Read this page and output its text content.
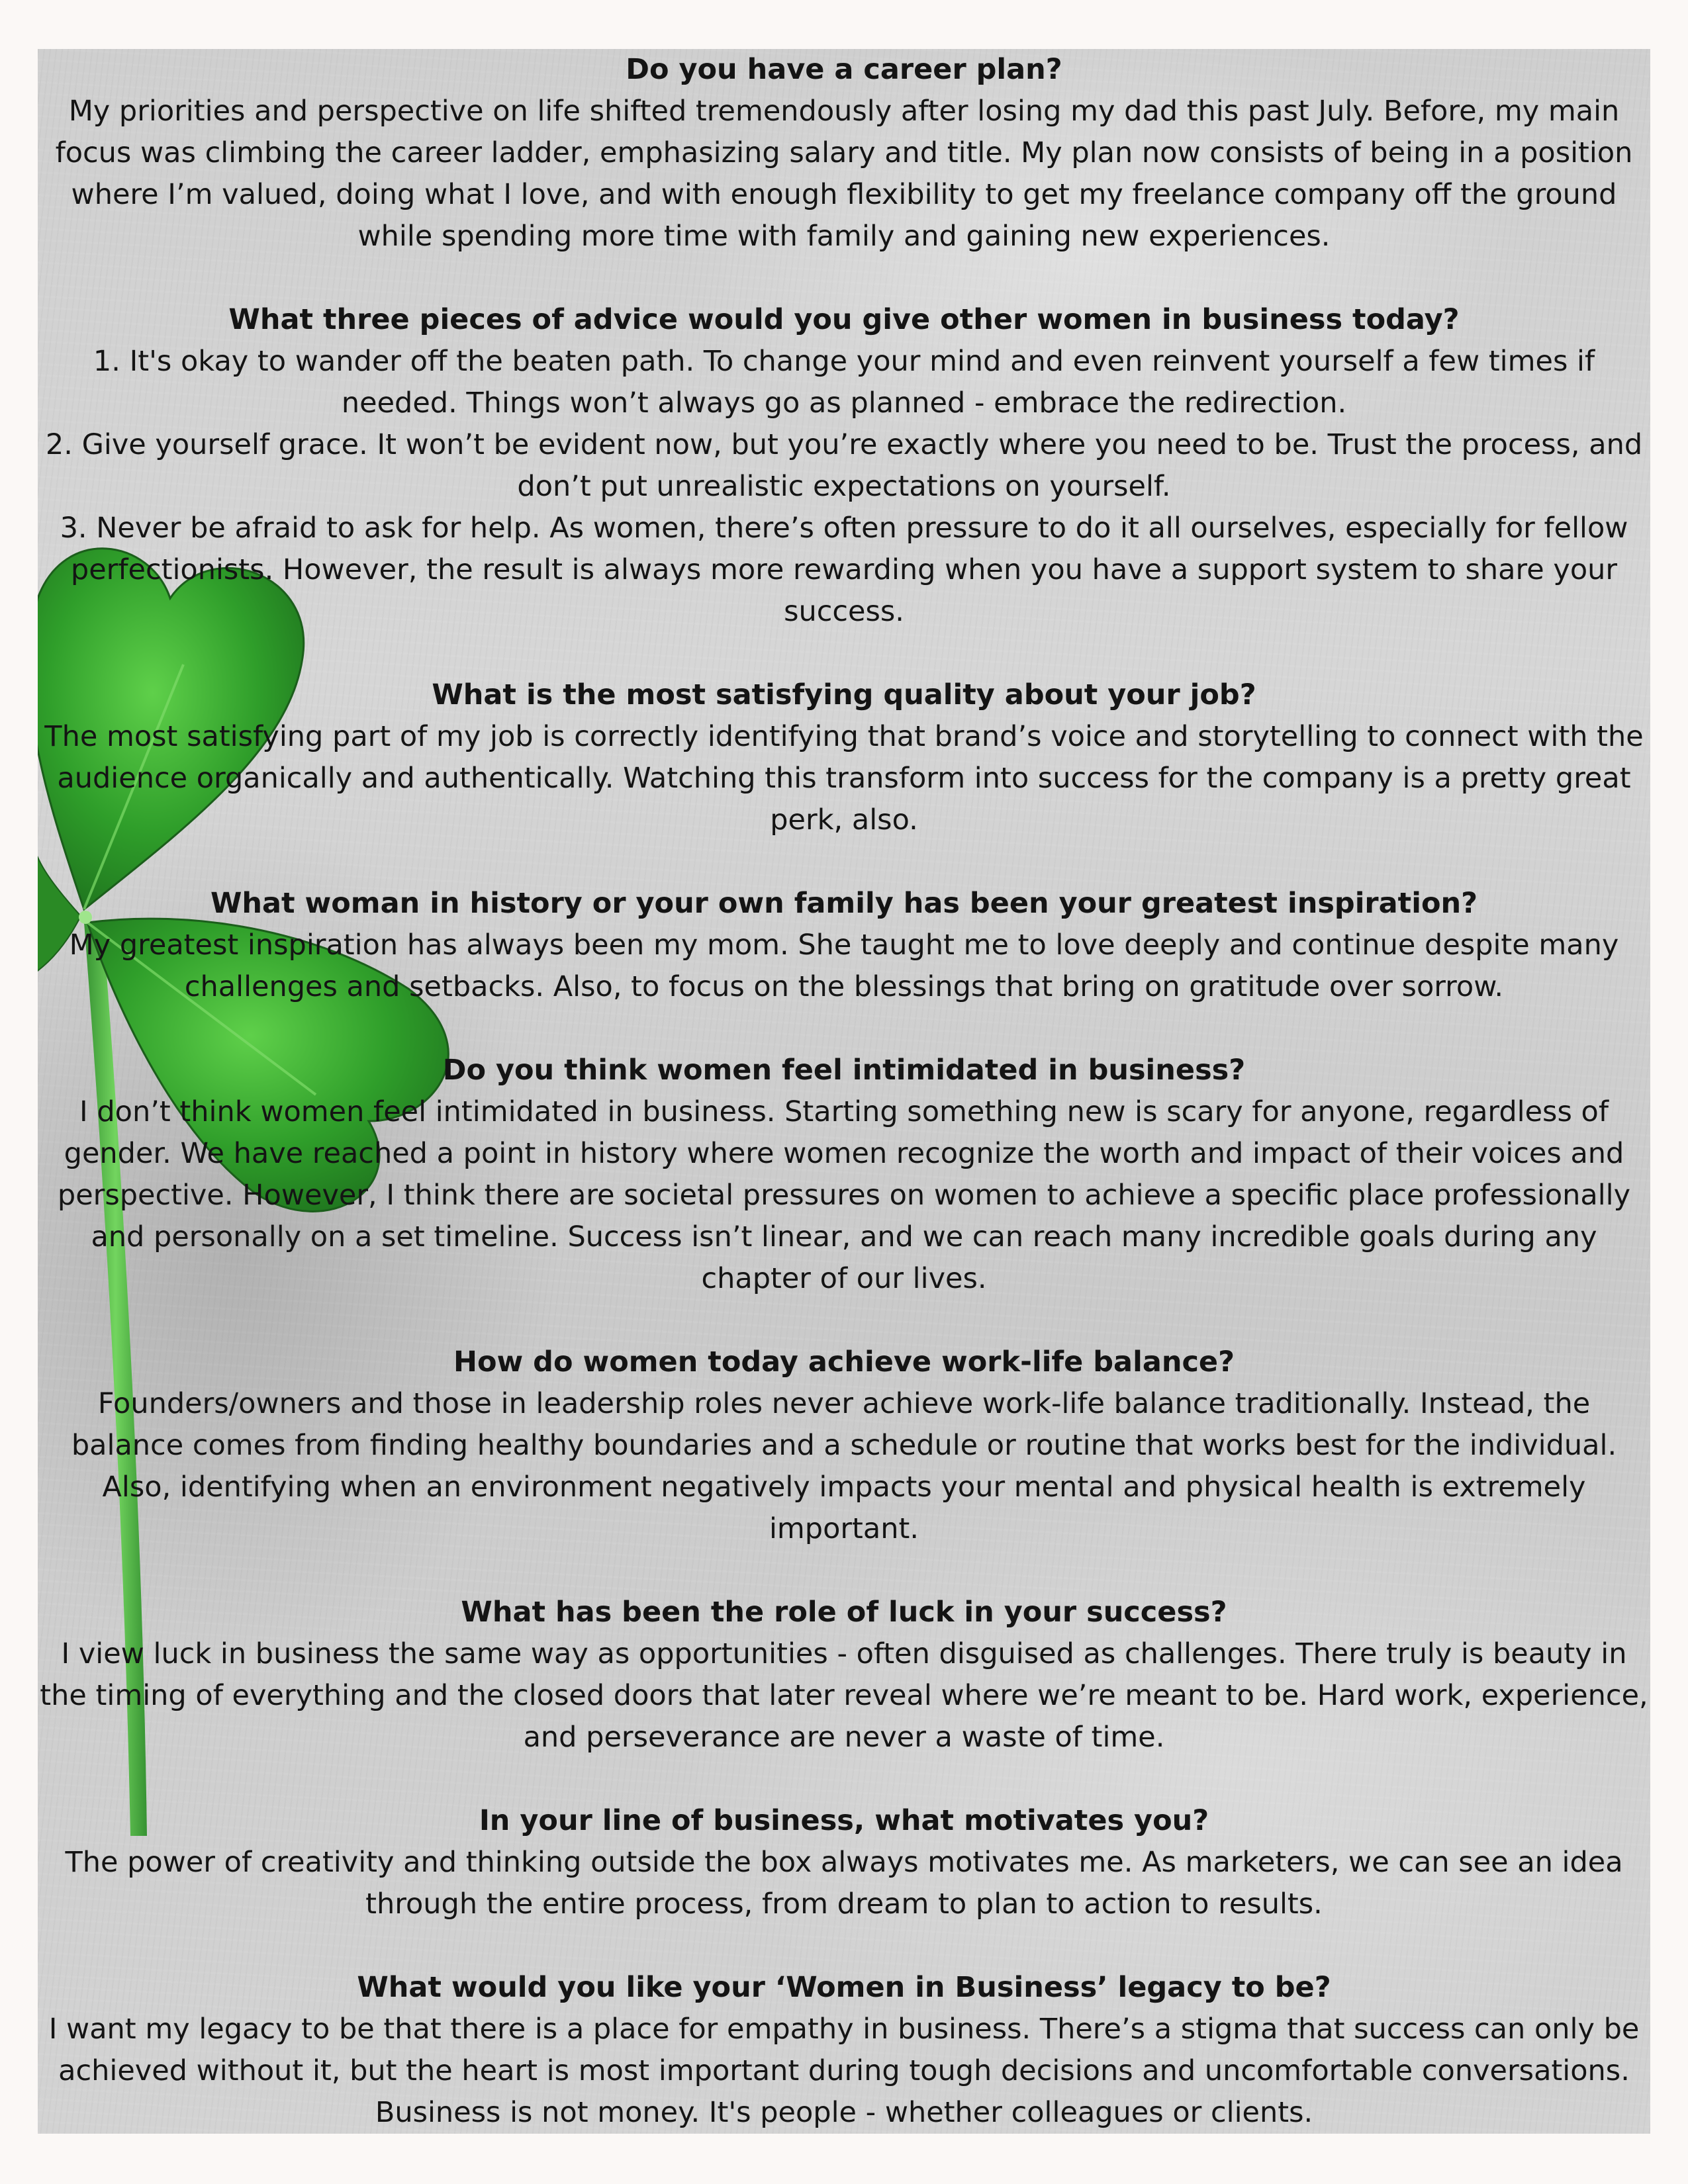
Do you have a career plan?

My priorities and perspective on life shifted tremendously after losing my dad this past July. Before, my main focus was climbing the career ladder, emphasizing salary and title. My plan now consists of being in a position where I’m valued, doing what I love, and with enough flexibility to get my freelance company off the ground while spending more time with family and gaining new experiences.

What three pieces of advice would you give other women in business today?

1. It's okay to wander off the beaten path. To change your mind and even reinvent yourself a few times if needed. Things won’t always go as planned - embrace the redirection.
2. Give yourself grace. It won’t be evident now, but you’re exactly where you need to be. Trust the process, and don’t put unrealistic expectations on yourself.
3. Never be afraid to ask for help. As women, there’s often pressure to do it all ourselves, especially for fellow perfectionists. However, the result is always more rewarding when you have a support system to share your success.

What is the most satisfying quality about your job?

The most satisfying part of my job is correctly identifying that brand’s voice and storytelling to connect with the audience organically and authentically. Watching this transform into success for the company is a pretty great perk, also.

What woman in history or your own family has been your greatest inspiration?

My greatest inspiration has always been my mom. She taught me to love deeply and continue despite many challenges and setbacks. Also, to focus on the blessings that bring on gratitude over sorrow.

Do you think women feel intimidated in business?

I don’t think women feel intimidated in business. Starting something new is scary for anyone, regardless of gender. We have reached a point in history where women recognize the worth and impact of their voices and perspective. However, I think there are societal pressures on women to achieve a specific place professionally and personally on a set timeline. Success isn’t linear, and we can reach many incredible goals during any chapter of our lives.

How do women today achieve work-life balance?

Founders/owners and those in leadership roles never achieve work-life balance traditionally. Instead, the balance comes from finding healthy boundaries and a schedule or routine that works best for the individual. Also, identifying when an environment negatively impacts your mental and physical health is extremely important.

What has been the role of luck in your success?

I view luck in business the same way as opportunities - often disguised as challenges. There truly is beauty in the timing of everything and the closed doors that later reveal where we’re meant to be. Hard work, experience, and perseverance are never a waste of time.

In your line of business, what motivates you?

The power of creativity and thinking outside the box always motivates me. As marketers, we can see an idea through the entire process, from dream to plan to action to results.

What would you like your ‘Women in Business’ legacy to be?

I want my legacy to be that there is a place for empathy in business. There’s a stigma that success can only be achieved without it, but the heart is most important during tough decisions and uncomfortable conversations. Business is not money. It's people - whether colleagues or clients.
